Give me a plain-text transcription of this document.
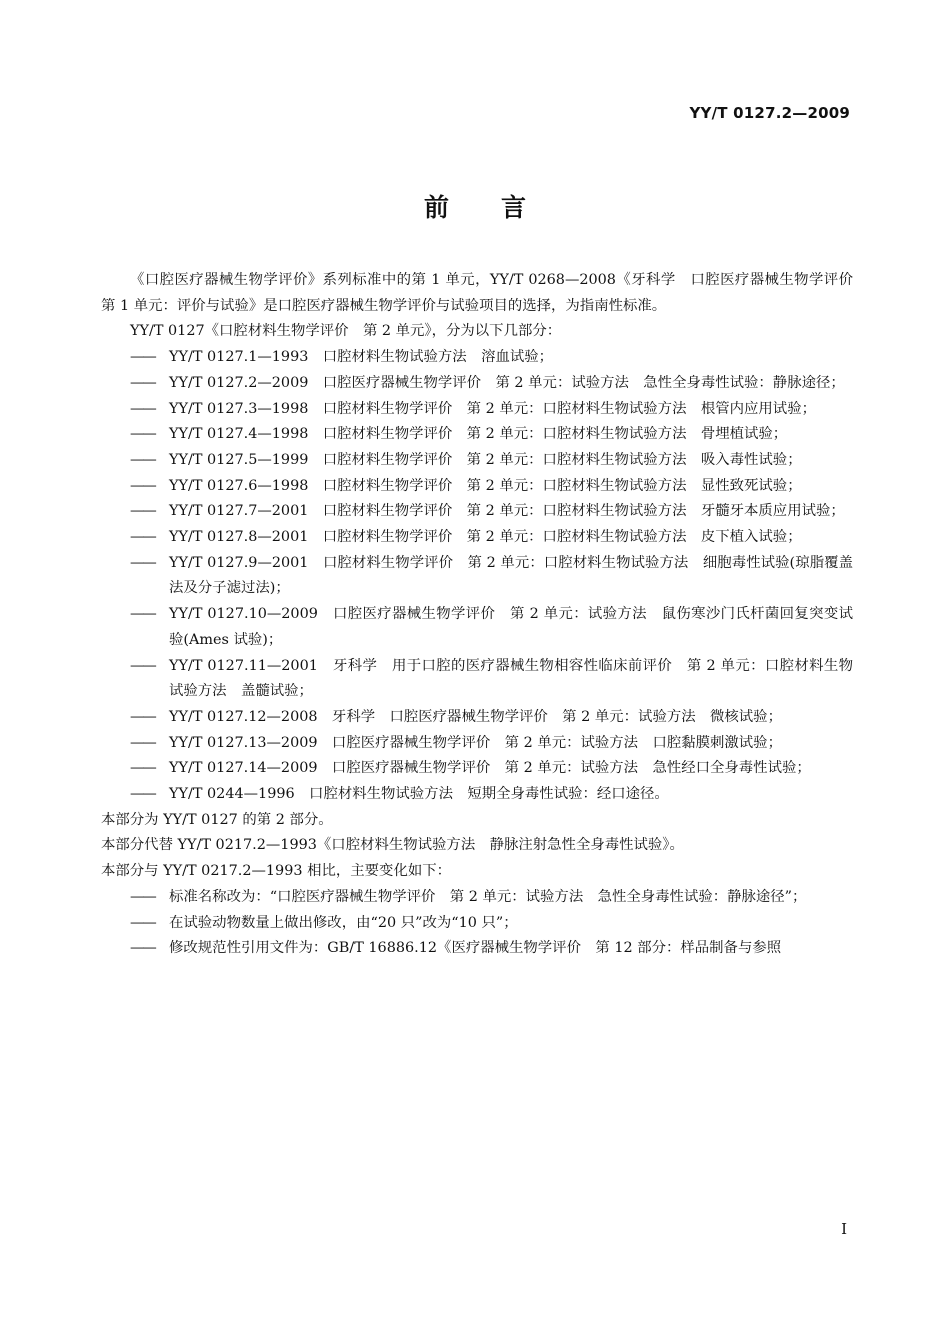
YY/T 0127.2—2009
前 言

《口腔医疗器械生物学评价》系列标准中的第 1 单元，YY/T 0268—2008《牙科学　口腔医疗器械生物学评价　第 1 单元：评价与试验》是口腔医疗器械生物学评价与试验项目的选择，为指南性标准。

YY/T 0127《口腔材料生物学评价　第 2 单元》，分为以下几部分：

——
YY/T 0127.1—1993　口腔材料生物试验方法　溶血试验；
——
YY/T 0127.2—2009　口腔医疗器械生物学评价　第 2 单元：试验方法　急性全身毒性试验：静脉途径；
——
YY/T 0127.3—1998　口腔材料生物学评价　第 2 单元：口腔材料生物试验方法　根管内应用试验；
——
YY/T 0127.4—1998　口腔材料生物学评价　第 2 单元：口腔材料生物试验方法　骨埋植试验；
——
YY/T 0127.5—1999　口腔材料生物学评价　第 2 单元：口腔材料生物试验方法　吸入毒性试验；
——
YY/T 0127.6—1998　口腔材料生物学评价　第 2 单元：口腔材料生物试验方法　显性致死试验；
——
YY/T 0127.7—2001　口腔材料生物学评价　第 2 单元：口腔材料生物试验方法　牙髓牙本质应用试验；
——
YY/T 0127.8—2001　口腔材料生物学评价　第 2 单元：口腔材料生物试验方法　皮下植入试验；
——
YY/T 0127.9—2001　口腔材料生物学评价　第 2 单元：口腔材料生物试验方法　细胞毒性试验(琼脂覆盖法及分子滤过法)；
——
YY/T 0127.10—2009　口腔医疗器械生物学评价　第 2 单元：试验方法　鼠伤寒沙门氏杆菌回复突变试验(Ames 试验)；
——
YY/T 0127.11—2001　牙科学　用于口腔的医疗器械生物相容性临床前评价　第 2 单元：口腔材料生物试验方法　盖髓试验；
——
YY/T 0127.12—2008　牙科学　口腔医疗器械生物学评价　第 2 单元：试验方法　微核试验；
——
YY/T 0127.13—2009　口腔医疗器械生物学评价　第 2 单元：试验方法　口腔黏膜刺激试验；
——
YY/T 0127.14—2009　口腔医疗器械生物学评价　第 2 单元：试验方法　急性经口全身毒性试验；
——
YY/T 0244—1996　口腔材料生物试验方法　短期全身毒性试验：经口途径。

本部分为 YY/T 0127 的第 2 部分。

本部分代替 YY/T 0217.2—1993《口腔材料生物试验方法　静脉注射急性全身毒性试验》。

本部分与 YY/T 0217.2—1993 相比，主要变化如下：

——
标准名称改为：“口腔医疗器械生物学评价　第 2 单元：试验方法　急性全身毒性试验：静脉途径”；
——
在试验动物数量上做出修改，由“20 只”改为“10 只”；
——
修改规范性引用文件为：GB/T 16886.12《医疗器械生物学评价　第 12 部分：样品制备与参照
I
